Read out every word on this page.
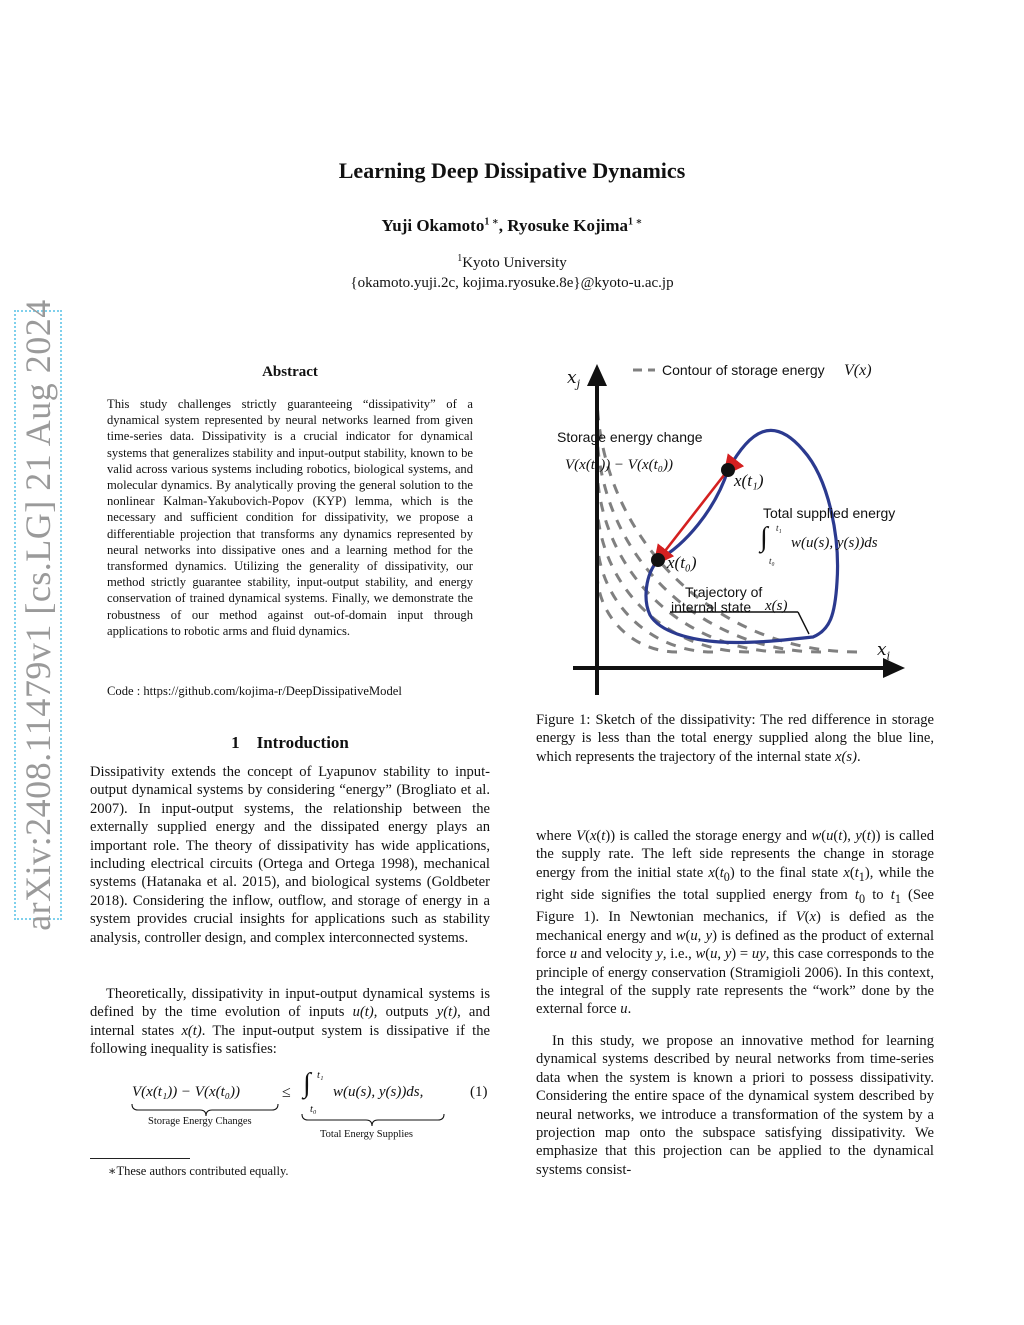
arXiv:2408.11479v1 [cs.LG] 21 Aug 2024
Learning Deep Dissipative Dynamics
Yuji Okamoto$^{1 ∗}$, Ryosuke Kojima$^{1 ∗}$
$^1$Kyoto University
{okamoto.yuji.2c, kojima.ryosuke.8e}@kyoto-u.ac.jp
Abstract
This study challenges strictly guaranteeing “dissipativity” of a dynamical system represented by neural networks learned from given time-series data. Dissipativity is a crucial indicator for dynamical systems that generalizes stability and input-output stability, known to be valid across various systems including robotics, biological systems, and molecular dynamics. By analytically proving the general solution to the nonlinear Kalman-Yakubovich-Popov (KYP) lemma, which is the necessary and sufficient condition for dissipativity, we propose a differentiable projection that transforms any dynamics represented by neural networks into dissipative ones and a learning method for the transformed dynamics. Utilizing the generality of dissipativity, our method strictly guarantee stability, input-output stability, and energy conservation of trained dynamical systems. Finally, we demonstrate the robustness of our method against out-of-domain input through applications to robotic arms and fluid dynamics.
Code : https://github.com/kojima-r/DeepDissipativeModel
1 Introduction
Dissipativity extends the concept of Lyapunov stability to input-output dynamical systems by considering “energy” (Brogliato et al. 2007). In input-output systems, the relationship between the externally supplied energy and the dissipated energy plays an important role. The theory of dissipativity has wide applications, including electrical circuits (Ortega and Ortega 1998), mechanical systems (Hatanaka et al. 2015), and biological systems (Goldbeter 2018). Considering the inflow, outflow, and storage of energy in a system provides crucial insights for applications such as stability analysis, controller design, and complex interconnected systems.
Theoretically, dissipativity in input-output dynamical systems is defined by the time evolution of inputs u(t), outputs y(t), and internal states x(t). The input-output system is dissipative if the following inequality is satisfies:
V(x(t₁)) − V(x(t₀))	≤ ∫ t₁
t₀
w(u(s), y(s))ds,	(1)
Storage Energy Changes
Total Energy Supplies
∗These authors contributed equally.
$x_j$
$x_i$
Contour of storage energy V(x)
Storage energy change
V(x(t₁)) − V(x(t₀))
x(t₁)
x(t₀)
Total supplied energy
∫ t₁
t₀
w(u(s), y(s))ds
Trajectory of
internal state x(s)
Figure 1: Sketch of the dissipativity: The red difference in storage energy is less than the total energy supplied along the blue line, which represents the trajectory of the internal state x(s).
where V(x(t)) is called the storage energy and w(u(t), y(t)) is called the supply rate. The left side represents the change in storage energy from the initial state $x(t_0)$ to the final state $x(t_1)$, while the right side signifies the total supplied energy from $t_0$ to $t_1$ (See Figure 1). In Newtonian mechanics, if V(x) is defied as the mechanical energy and w(u, y) is defined as the product of external force u and velocity y, i.e., w(u, y) = uy, this case corresponds to the principle of energy conservation (Stramigioli 2006). In this context, the integral of the supply rate represents the “work” done by the external force u.
In this study, we propose an innovative method for learning dynamical systems described by neural networks from time-series data when the system is known a priori to possess dissipativity. Considering the entire space of the dynamical system described by neural networks, we introduce a transformation of the system by a projection map onto the subspace satisfying dissipativity. We emphasize that this projection can be applied to the dynamical systems consist-
